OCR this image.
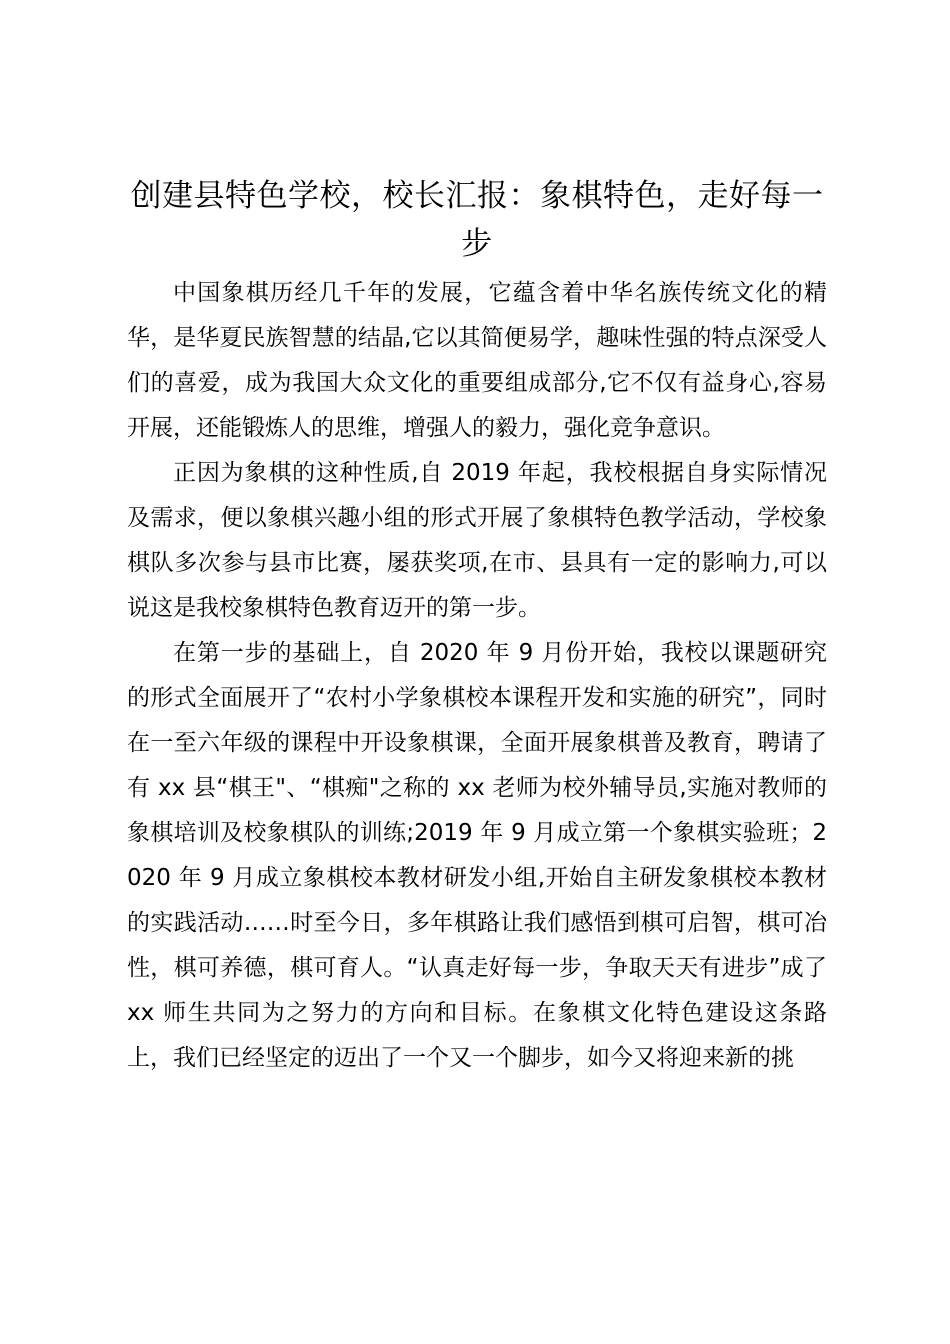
创建县特色学校，校长汇报：象棋特色，走好每一步

中国象棋历经几千年的发展，它蕴含着中华名族传统文化的精华，是华夏民族智慧的结晶,它以其简便易学，趣味性强的特点深受人们的喜爱，成为我国大众文化的重要组成部分,它不仅有益身心,容易开展，还能锻炼人的思维，增强人的毅力，强化竞争意识。

正因为象棋的这种性质,自 2019 年起，我校根据自身实际情况及需求，便以象棋兴趣小组的形式开展了象棋特色教学活动，学校象棋队多次参与县市比赛，屡获奖项,在市、县具有一定的影响力,可以说这是我校象棋特色教育迈开的第一步。

在第一步的基础上，自 2020 年 9 月份开始，我校以课题研究的形式全面展开了“农村小学象棋校本课程开发和实施的研究”，同时在一至六年级的课程中开设象棋课，全面开展象棋普及教育，聘请了有 xx 县“棋王"、“棋痴"之称的 xx 老师为校外辅导员,实施对教师的象棋培训及校象棋队的训练;2019 年 9 月成立第一个象棋实验班；2020 年 9 月成立象棋校本教材研发小组,开始自主研发象棋校本教材的实践活动……时至今日，多年棋路让我们感悟到棋可启智，棋可冶性，棋可养德，棋可育人。“认真走好每一步，争取天天有进步”成了 xx 师生共同为之努力的方向和目标。在象棋文化特色建设这条路上，我们已经坚定的迈出了一个又一个脚步，如今又将迎来新的挑
